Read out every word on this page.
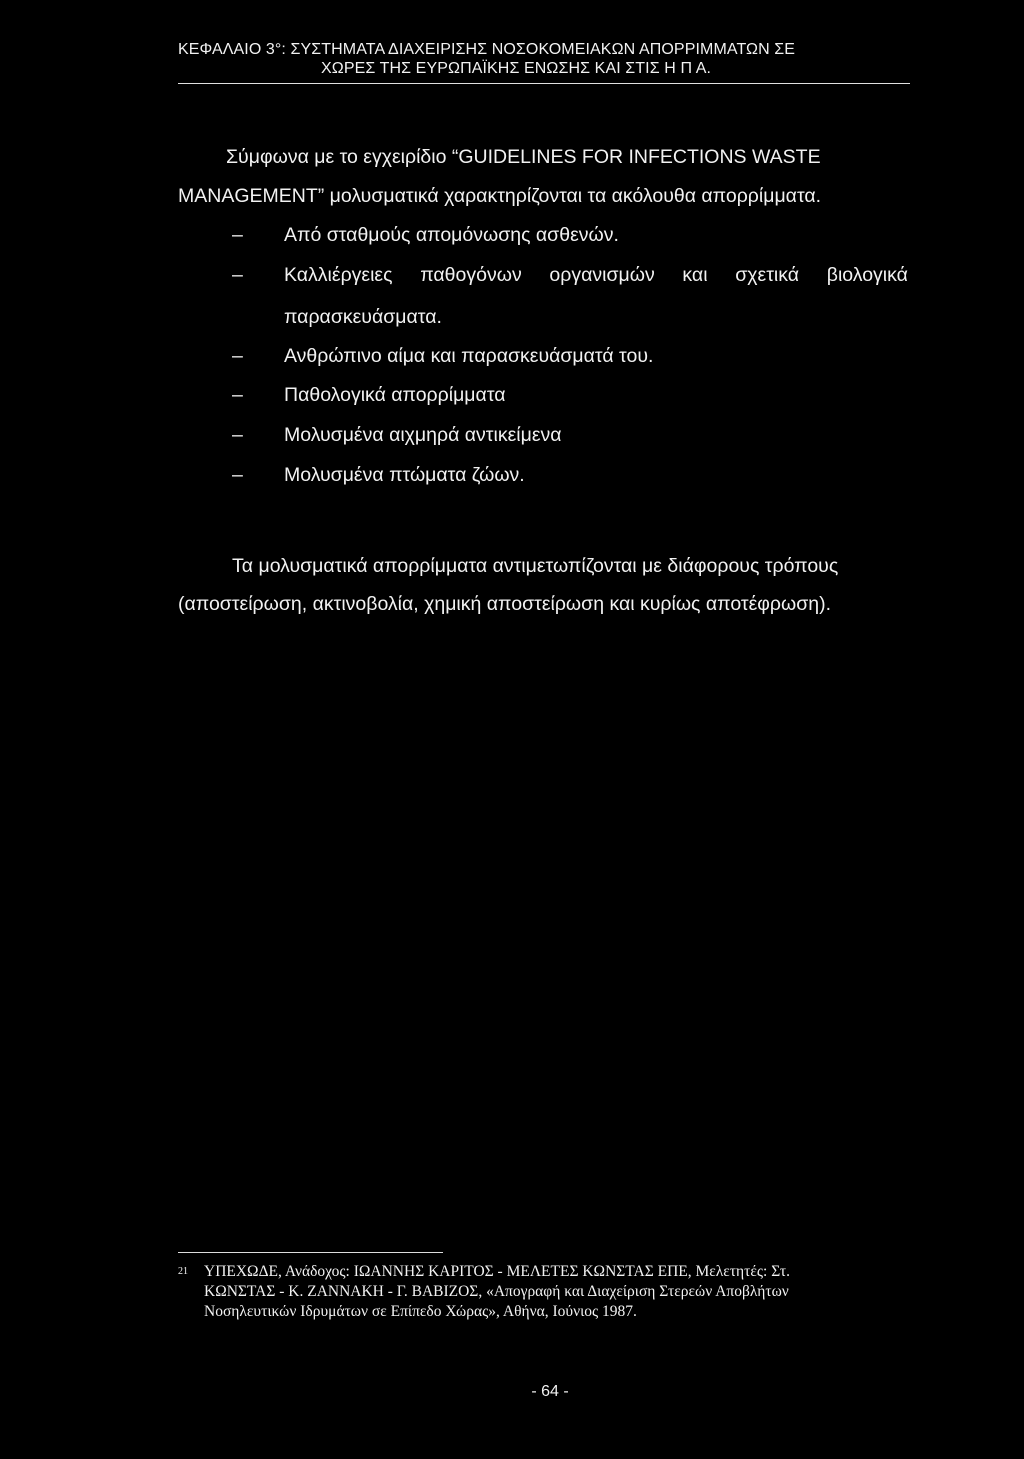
ΚΕΦΑΛΑΙΟ 3°: ΣΥΣΤΗΜΑΤΑ ΔΙΑΧΕΙΡΙΣΗΣ ΝΟΣΟΚΟΜΕΙΑΚΩΝ ΑΠΟΡΡΙΜΜΑΤΩΝ ΣΕ
ΧΩΡΕΣ ΤΗΣ ΕΥΡΩΠΑΪΚΗΣ ΕΝΩΣΗΣ ΚΑΙ ΣΤΙΣ Η Π Α.
Σύμφωνα με το εγχειρίδιο “GUIDELINES FOR INFECTIONS WASTE
MANAGEMENT” μολυσματικά χαρακτηρίζονται τα ακόλουθα απορρίμματα.
– Από σταθμούς απομόνωσης ασθενών.
–	Καλλιέργειες παθογόνων οργανισμών και σχετικά βιολογικά
παρασκευάσματα.
– Ανθρώπινο αίμα και παρασκευάσματά του.
– Παθολογικά απορρίμματα
– Μολυσμένα αιχμηρά αντικείμενα
– Μολυσμένα πτώματα ζώων.
Τα μολυσματικά απορρίμματα αντιμετωπίζονται με διάφορους τρόπους
(αποστείρωση, ακτινοβολία, χημική αποστείρωση και κυρίως αποτέφρωση).
21 ΥΠΕΧΩΔΕ, Ανάδοχος: ΙΩΑΝΝΗΣ ΚΑΡΙΤΟΣ - ΜΕΛΕΤΕΣ ΚΩΝΣΤΑΣ ΕΠΕ, Μελετητές: Στ.
ΚΩΝΣΤΑΣ - Κ. ΖΑΝΝΑΚΗ - Γ. ΒΑΒΙΖΟΣ, «Απογραφή και Διαχείριση Στερεών Αποβλήτων
Νοσηλευτικών Ιδρυμάτων σε Επίπεδο Χώρας», Αθήνα, Ιούνιος 1987.
- 64 -
